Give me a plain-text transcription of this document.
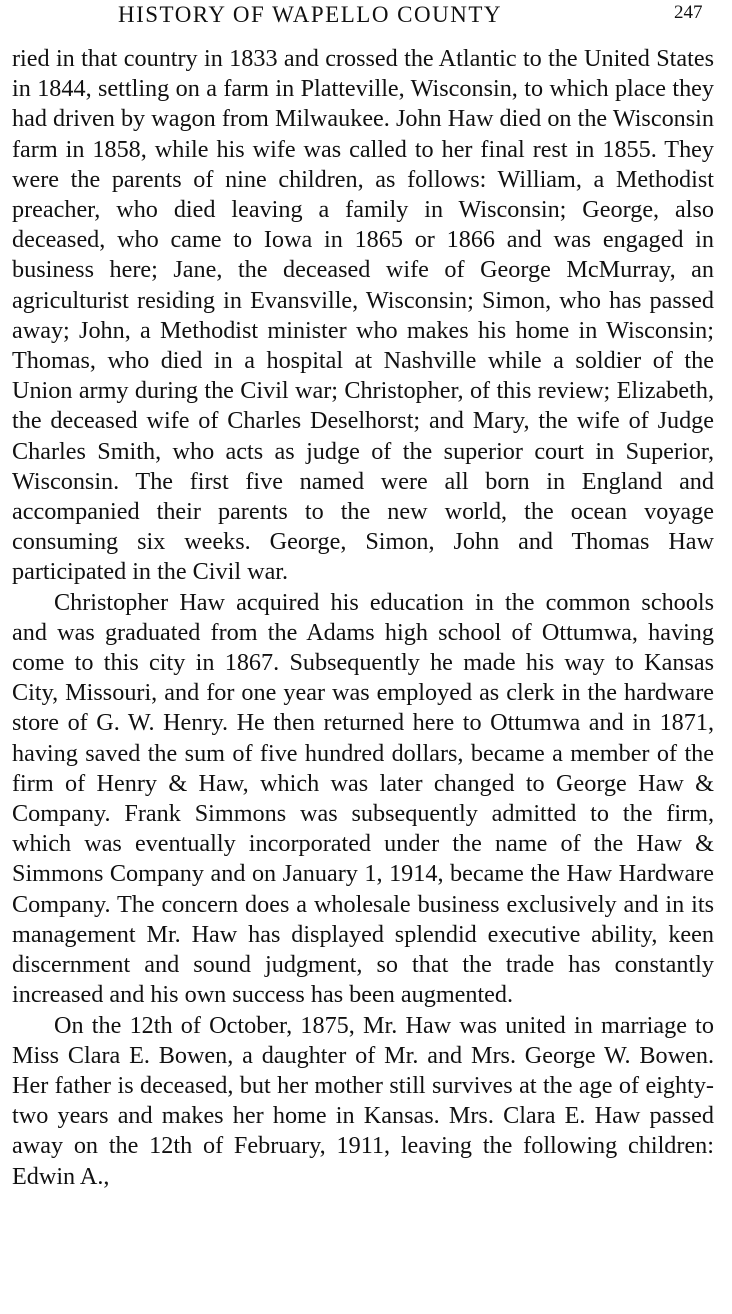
HISTORY OF WAPELLO COUNTY	247

ried in that country in 1833 and crossed the Atlantic to the United States in 1844, settling on a farm in Platteville, Wisconsin, to which place they had driven by wagon from Milwaukee. John Haw died on the Wisconsin farm in 1858, while his wife was called to her final rest in 1855. They were the parents of nine children, as follows: William, a Methodist preacher, who died leaving a family in Wisconsin; George, also deceased, who came to Iowa in 1865 or 1866 and was engaged in business here; Jane, the deceased wife of George McMurray, an agriculturist residing in Evansville, Wisconsin; Simon, who has passed away; John, a Methodist minister who makes his home in Wisconsin; Thomas, who died in a hospital at Nashville while a soldier of the Union army during the Civil war; Christopher, of this review; Elizabeth, the deceased wife of Charles Deselhorst; and Mary, the wife of Judge Charles Smith, who acts as judge of the superior court in Superior, Wisconsin. The first five named were all born in England and accompanied their parents to the new world, the ocean voyage consuming six weeks. George, Simon, John and Thomas Haw participated in the Civil war.

Christopher Haw acquired his education in the common schools and was graduated from the Adams high school of Ottumwa, having come to this city in 1867. Subsequently he made his way to Kansas City, Missouri, and for one year was employed as clerk in the hardware store of G. W. Henry. He then returned here to Ottumwa and in 1871, having saved the sum of five hundred dollars, became a member of the firm of Henry & Haw, which was later changed to George Haw & Company. Frank Simmons was subsequently admitted to the firm, which was eventually incorporated under the name of the Haw & Simmons Company and on January 1, 1914, became the Haw Hardware Company. The concern does a wholesale business exclusively and in its management Mr. Haw has displayed splendid executive ability, keen discernment and sound judgment, so that the trade has constantly increased and his own success has been augmented.

On the 12th of October, 1875, Mr. Haw was united in marriage to Miss Clara E. Bowen, a daughter of Mr. and Mrs. George W. Bowen. Her father is deceased, but her mother still survives at the age of eighty-two years and makes her home in Kansas. Mrs. Clara E. Haw passed away on the 12th of February, 1911, leaving the following children: Edwin A.,
